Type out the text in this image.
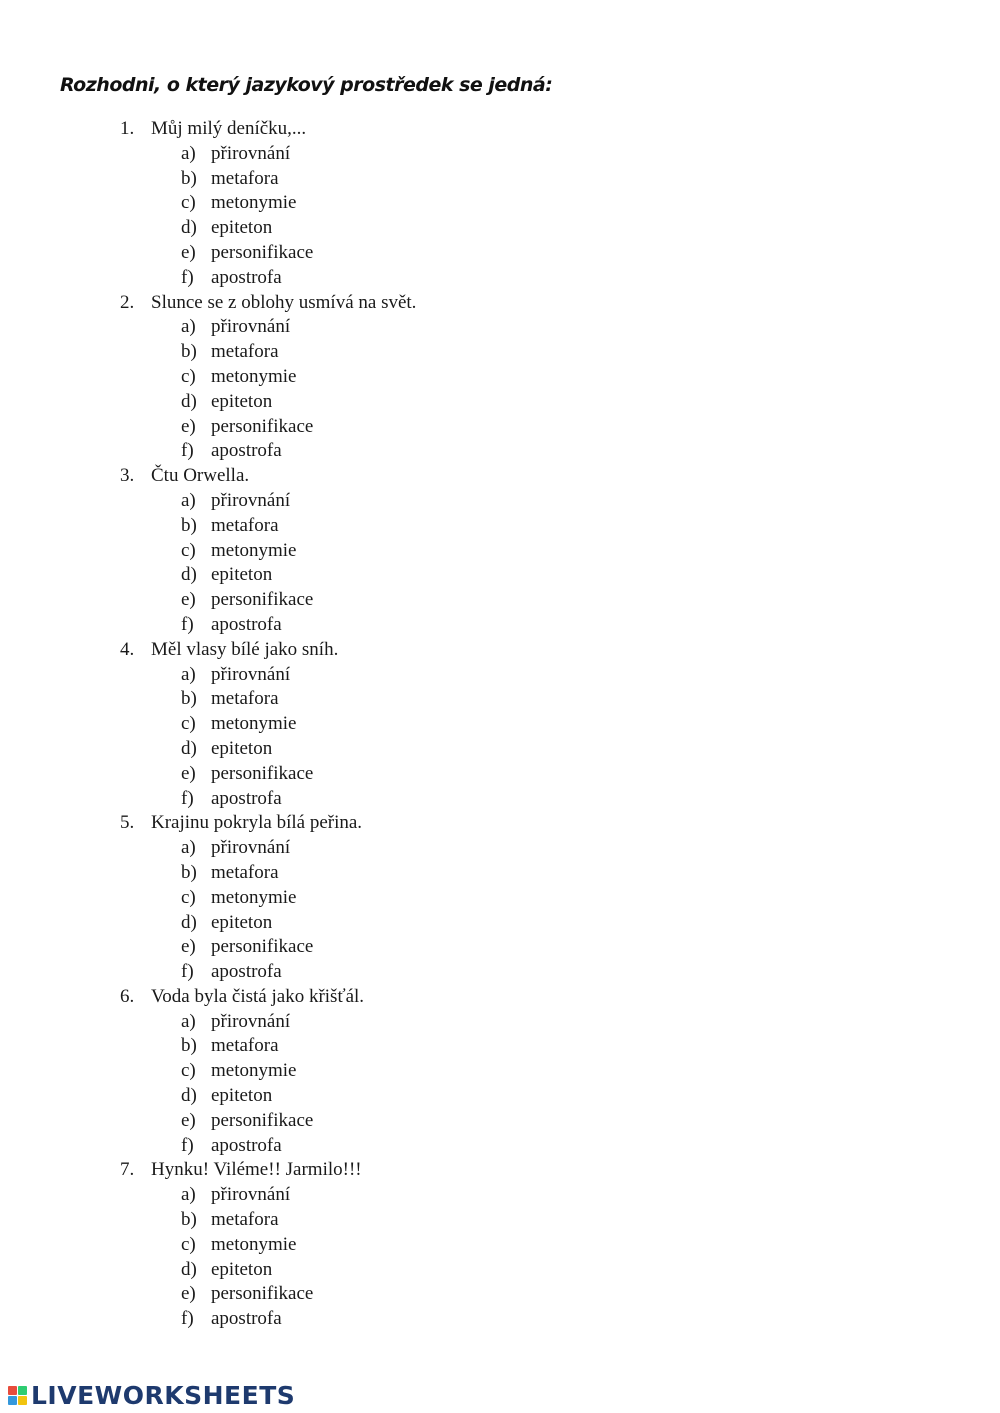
Rozhodni, o který jazykový prostředek se jedná:
1. Můj milý deníčku,...
a) přirovnání
b) metafora
c) metonymie
d) epiteton
e) personifikace
f) apostrofa
2. Slunce se z oblohy usmívá na svět.
a) přirovnání
b) metafora
c) metonymie
d) epiteton
e) personifikace
f) apostrofa
3. Čtu Orwella.
a) přirovnání
b) metafora
c) metonymie
d) epiteton
e) personifikace
f) apostrofa
4. Měl vlasy bílé jako sníh.
a) přirovnání
b) metafora
c) metonymie
d) epiteton
e) personifikace
f) apostrofa
5. Krajinu pokryla bílá peřina.
a) přirovnání
b) metafora
c) metonymie
d) epiteton
e) personifikace
f) apostrofa
6. Voda byla čistá jako křišťál.
a) přirovnání
b) metafora
c) metonymie
d) epiteton
e) personifikace
f) apostrofa
7. Hynku! Viléme!! Jarmilo!!!
a) přirovnání
b) metafora
c) metonymie
d) epiteton
e) personifikace
f) apostrofa
LIVEWORKSHEETS
